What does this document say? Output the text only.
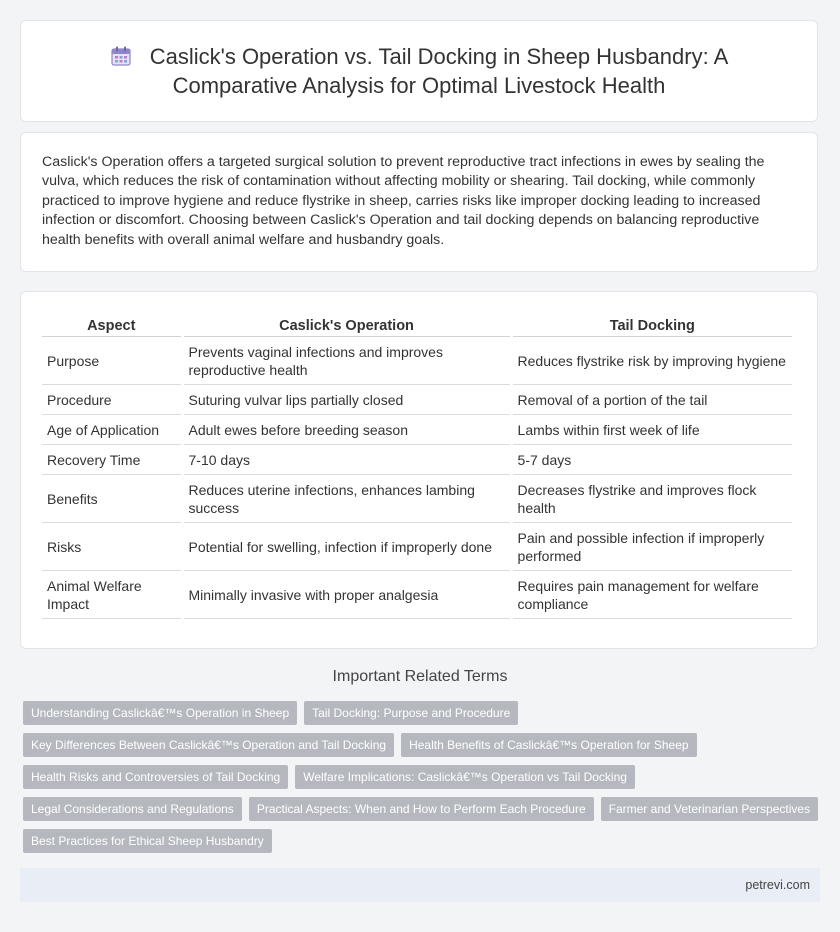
Caslick's Operation vs. Tail Docking in Sheep Husbandry: A Comparative Analysis for Optimal Livestock Health

Caslick's Operation offers a targeted surgical solution to prevent reproductive tract infections in ewes by sealing the vulva, which reduces the risk of contamination without affecting mobility or shearing. Tail docking, while commonly practiced to improve hygiene and reduce flystrike in sheep, carries risks like improper docking leading to increased infection or discomfort. Choosing between Caslick's Operation and tail docking depends on balancing reproductive health benefits with overall animal welfare and husbandry goals.

Aspect	Caslick's Operation	Tail Docking
Purpose	Prevents vaginal infections and improves reproductive health	Reduces flystrike risk by improving hygiene
Procedure	Suturing vulvar lips partially closed	Removal of a portion of the tail
Age of Application	Adult ewes before breeding season	Lambs within first week of life
Recovery Time	7-10 days	5-7 days
Benefits	Reduces uterine infections, enhances lambing success	Decreases flystrike and improves flock health
Risks	Potential for swelling, infection if improperly done	Pain and possible infection if improperly performed
Animal Welfare Impact	Minimally invasive with proper analgesia	Requires pain management for welfare compliance
Important Related Terms
Understanding Caslickâ€™s Operation in Sheep	Tail Docking: Purpose and Procedure
Key Differences Between Caslickâ€™s Operation and Tail Docking	Health Benefits of Caslickâ€™s Operation for Sheep
Health Risks and Controversies of Tail Docking	Welfare Implications: Caslickâ€™s Operation vs Tail Docking
Legal Considerations and Regulations	Practical Aspects: When and How to Perform Each Procedure	Farmer and Veterinarian Perspectives
Best Practices for Ethical Sheep Husbandry
petrevi.com
